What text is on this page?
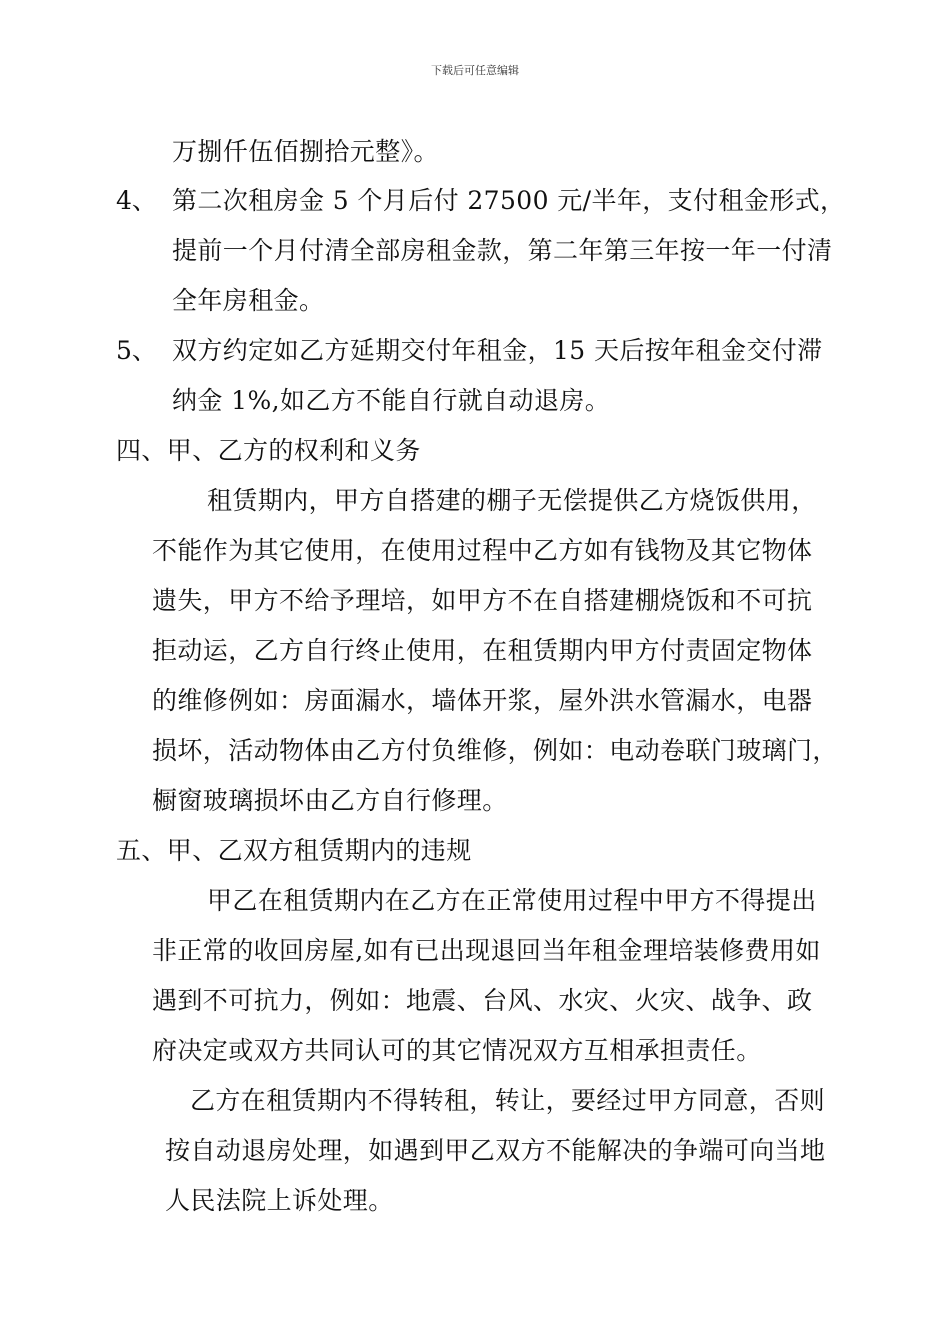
下载后可任意编辑
万捌仟伍佰捌拾元整》。
4、 第二次租房金 5 个月后付 27500 元/半年，支付租金形式，
提前一个月付清全部房租金款，第二年第三年按一年一付清
全年房租金。
5、 双方约定如乙方延期交付年租金，15 天后按年租金交付滞
纳金 1%,如乙方不能自行就自动退房。
四、甲、乙方的权利和义务
租赁期内，甲方自搭建的棚子无偿提供乙方烧饭供用，
不能作为其它使用，在使用过程中乙方如有钱物及其它物体
遗失，甲方不给予理培，如甲方不在自搭建棚烧饭和不可抗
拒动运，乙方自行终止使用，在租赁期内甲方付责固定物体
的维修例如：房面漏水，墙体开浆，屋外洪水管漏水，电器
损坏，活动物体由乙方付负维修，例如：电动卷联门玻璃门，
橱窗玻璃损坏由乙方自行修理。
五、甲、乙双方租赁期内的违规
甲乙在租赁期内在乙方在正常使用过程中甲方不得提出
非正常的收回房屋,如有已出现退回当年租金理培装修费用如
遇到不可抗力，例如：地震、台风、水灾、火灾、战争、政
府决定或双方共同认可的其它情况双方互相承担责任。
乙方在租赁期内不得转租，转让，要经过甲方同意，否则
按自动退房处理，如遇到甲乙双方不能解决的争端可向当地
人民法院上诉处理。
